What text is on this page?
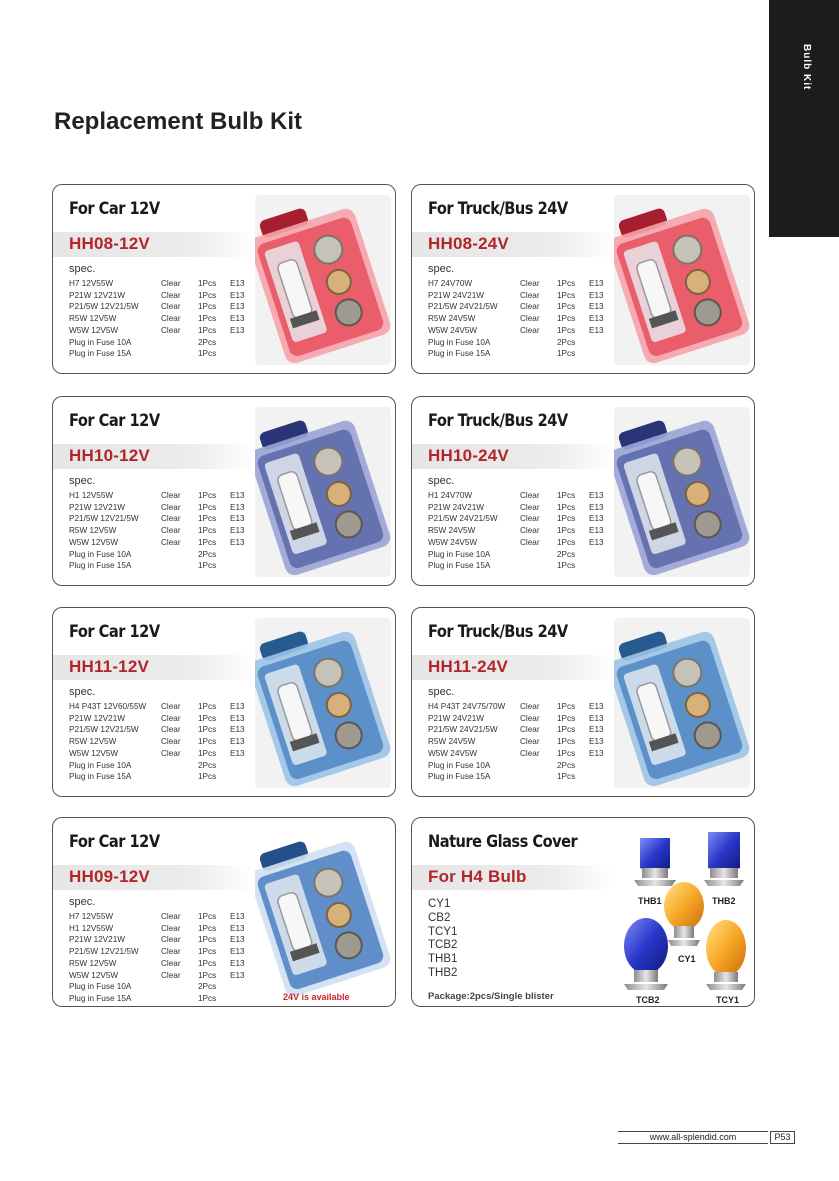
Bulb Kit
Replacement Bulb Kit
For Car 12V
HH08-12V
spec.
H7 12V55W	Clear	1Pcs	E13
P21W 12V21W	Clear	1Pcs	E13
P21/5W 12V21/5W	Clear	1Pcs	E13
R5W 12V5W	Clear	1Pcs	E13
W5W 12V5W	Clear	1Pcs	E13
Plug in Fuse 10A		2Pcs	
Plug in Fuse 15A		1Pcs	
For Truck/Bus 24V
HH08-24V
spec.
H7 24V70W	Clear	1Pcs	E13
P21W 24V21W	Clear	1Pcs	E13
P21/5W 24V21/5W	Clear	1Pcs	E13
R5W 24V5W	Clear	1Pcs	E13
W5W 24V5W	Clear	1Pcs	E13
Plug in Fuse 10A		2Pcs	
Plug in Fuse 15A		1Pcs	
For Car 12V
HH10-12V
spec.
H1 12V55W	Clear	1Pcs	E13
P21W 12V21W	Clear	1Pcs	E13
P21/5W 12V21/5W	Clear	1Pcs	E13
R5W 12V5W	Clear	1Pcs	E13
W5W 12V5W	Clear	1Pcs	E13
Plug in Fuse 10A		2Pcs	
Plug in Fuse 15A		1Pcs	
For Truck/Bus 24V
HH10-24V
spec.
H1 24V70W	Clear	1Pcs	E13
P21W 24V21W	Clear	1Pcs	E13
P21/5W 24V21/5W	Clear	1Pcs	E13
R5W 24V5W	Clear	1Pcs	E13
W5W 24V5W	Clear	1Pcs	E13
Plug in Fuse 10A		2Pcs	
Plug in Fuse 15A		1Pcs	
For Car 12V
HH11-12V
spec.
H4 P43T 12V60/55W	Clear	1Pcs	E13
P21W 12V21W	Clear	1Pcs	E13
P21/5W 12V21/5W	Clear	1Pcs	E13
R5W 12V5W	Clear	1Pcs	E13
W5W 12V5W	Clear	1Pcs	E13
Plug in Fuse 10A		2Pcs	
Plug in Fuse 15A		1Pcs	
For Truck/Bus 24V
HH11-24V
spec.
H4 P43T 24V75/70W	Clear	1Pcs	E13
P21W 24V21W	Clear	1Pcs	E13
P21/5W 24V21/5W	Clear	1Pcs	E13
R5W 24V5W	Clear	1Pcs	E13
W5W 24V5W	Clear	1Pcs	E13
Plug in Fuse 10A		2Pcs	
Plug in Fuse 15A		1Pcs	
For Car 12V
HH09-12V
spec.
H7 12V55W	Clear	1Pcs	E13
H1 12V55W	Clear	1Pcs	E13
P21W 12V21W	Clear	1Pcs	E13
P21/5W 12V21/5W	Clear	1Pcs	E13
R5W 12V5W	Clear	1Pcs	E13
W5W 12V5W	Clear	1Pcs	E13
Plug in Fuse 10A		2Pcs	
Plug in Fuse 15A		1Pcs		24V is available
Nature Glass Cover
For H4 Bulb
CY1
CB2
TCY1
TCB2
THB1
THB2
Package:2pcs/Single blister
THB1	THB2
CY1
TCB2	TCY1
www.all-splendid.com	P53
